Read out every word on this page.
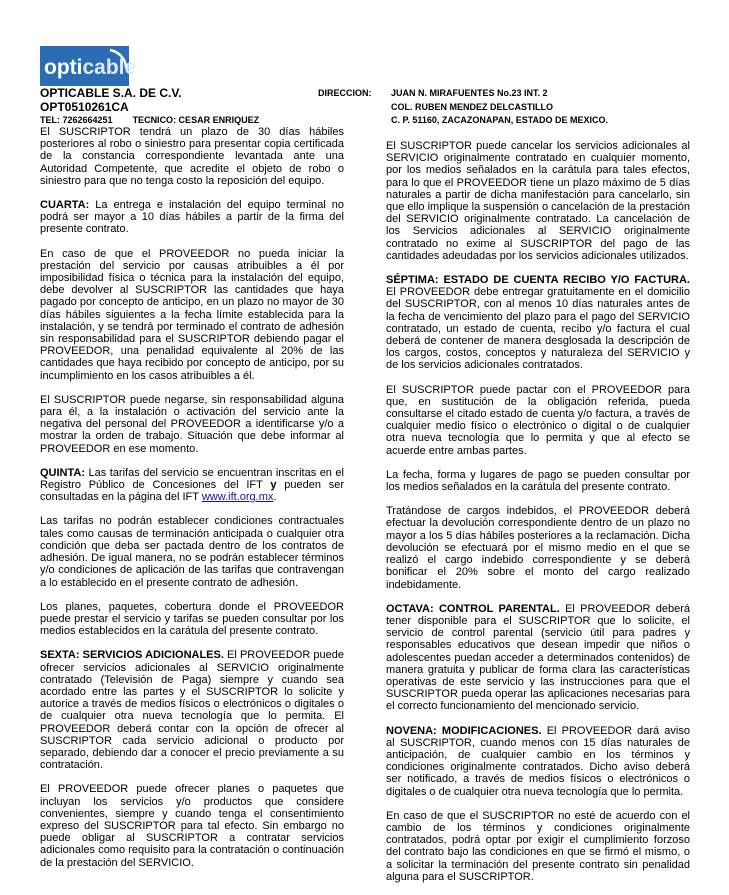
opticable
OPTICABLE S.A. DE C.V.
OPT0510261CA
TEL: 7262664251 TECNICO: CESAR ENRIQUEZ
DIRECCION: JUAN N. MIRAFUENTES No.23 INT. 2
COL. RUBEN MENDEZ DELCASTILLO
C. P. 51160, ZACAZONAPAN, ESTADO DE MEXICO.

El SUSCRIPTOR tendrá un plazo de 30 días hábiles posteriores al robo o siniestro para presentar copia certificada de la constancia correspondiente levantada ante una Autoridad Competente, que acredite el objeto de robo o siniestro para que no tenga costo la reposición del equipo.

CUARTA: La entrega e instalación del equipo terminal no podrá ser mayor a 10 días hábiles a partir de la firma del presente contrato.

En caso de que el PROVEEDOR no pueda iniciar la prestación del servicio por causas atribuibles a él por imposibilidad física o técnica para la instalación del equipo, debe devolver al SUSCRIPTOR las cantidades que haya pagado por concepto de anticipo, en un plazo no mayor de 30 días hábiles siguientes a la fecha límite establecida para la instalación, y se tendrá por terminado el contrato de adhesión sin responsabilidad para el SUSCRIPTOR debiendo pagar el PROVEEDOR, una penalidad equivalente al 20% de las cantidades que haya recibido por concepto de anticipo, por su incumplimiento en los casos atribuibles a él.

El SUSCRIPTOR puede negarse, sin responsabilidad alguna para él, a la instalación o activación del servicio ante la negativa del personal del PROVEEDOR a identificarse y/o a mostrar la orden de trabajo. Situación que debe informar al PROVEEDOR en ese momento.

QUINTA: Las tarifas del servicio se encuentran inscritas en el Registro Público de Concesiones del IFT y pueden ser consultadas en la página del IFT www.ift.org.mx.

Las tarifas no podrán establecer condiciones contractuales tales como causas de terminación anticipada o cualquier otra condición que deba ser pactada dentro de los contratos de adhesión. De igual manera, no se podrán establecer términos y/o condiciones de aplicación de las tarifas que contravengan a lo establecido en el presente contrato de adhesión.

Los planes, paquetes, cobertura donde el PROVEEDOR puede prestar el servicio y tarifas se pueden consultar por los medios establecidos en la carátula del presente contrato.

SEXTA: SERVICIOS ADICIONALES. El PROVEEDOR puede ofrecer servicios adicionales al SERVICIO originalmente contratado (Televisión de Paga) siempre y cuando sea acordado entre las partes y el SUSCRIPTOR lo solicite y autorice a través de medios físicos o electrónicos o digitales o de cualquier otra nueva tecnología que lo permita. El PROVEEDOR deberá contar con la opción de ofrecer al SUSCRIPTOR cada servicio adicional o producto por separado, debiendo dar a conocer el precio previamente a su contratación.

El PROVEEDOR puede ofrecer planes o paquetes que incluyan los servicios y/o productos que considere convenientes, siempre y cuando tenga el consentimiento expreso del SUSCRIPTOR para tal efecto. Sin embargo no puede obligar al SUSCRIPTOR a contratar servicios adicionales como requisito para la contratación o continuación de la prestación del SERVICIO.

El SUSCRIPTOR puede cancelar los servicios adicionales al SERVICIO originalmente contratado en cualquier momento, por los medios señalados en la carátula para tales efectos, para lo que el PROVEEDOR tiene un plazo máximo de 5 días naturales a partir de dicha manifestación para cancelarlo, sin que ello implique la suspensión o cancelación de la prestación del SERVICIO originalmente contratado. La cancelación de los Servicios adicionales al SERVICIO originalmente contratado no exime al SUSCRIPTOR del pago de las cantidades adeudadas por los servicios adicionales utilizados.

SÉPTIMA: ESTADO DE CUENTA RECIBO Y/O FACTURA. El PROVEEDOR debe entregar gratuitamente en el domicilio del SUSCRIPTOR, con al menos 10 días naturales antes de la fecha de vencimiento del plazo para el pago del SERVICIO contratado, un estado de cuenta, recibo y/o factura el cual deberá de contener de manera desglosada la descripción de los cargos, costos, conceptos y naturaleza del SERVICIO y de los servicios adicionales contratados.

El SUSCRIPTOR puede pactar con el PROVEEDOR para que, en sustitución de la obligación referida, pueda consultarse el citado estado de cuenta y/o factura, a través de cualquier medio físico o electrónico o digital o de cualquier otra nueva tecnología que lo permita y que al efecto se acuerde entre ambas partes.

La fecha, forma y lugares de pago se pueden consultar por los medios señalados en la carátula del presente contrato.

Tratándose de cargos indebidos, el PROVEEDOR deberá efectuar la devolución correspondiente dentro de un plazo no mayor a los 5 días hábiles posteriores a la reclamación. Dicha devolución se efectuará por el mismo medio en el que se realizó el cargo indebido correspondiente y se deberá bonificar el 20% sobre el monto del cargo realizado indebidamente.

OCTAVA: CONTROL PARENTAL. El PROVEEDOR deberá tener disponible para el SUSCRIPTOR que lo solicite, el servicio de control parental (servicio útil para padres y responsables educativos que desean impedir que niños o adolescentes puedan acceder a determinados contenidos) de manera gratuita y publicar de forma clara las características operativas de este servicio y las instrucciones para que el SUSCRIPTOR pueda operar las aplicaciones necesarias para el correcto funcionamiento del mencionado servicio.

NOVENA: MODIFICACIONES. El PROVEEDOR dará aviso al SUSCRIPTOR, cuando menos con 15 días naturales de anticipación, de cualquier cambio en los términos y condiciones originalmente contratados. Dicho aviso deberá ser notificado, a través de medios físicos o electrónicos o digitales o de cualquier otra nueva tecnología que lo permita.

En caso de que el SUSCRIPTOR no esté de acuerdo con el cambio de los términos y condiciones originalmente contratados, podrá optar por exigir el cumplimiento forzoso del contrato bajo las condiciones en que se firmó el mismo, o a solicitar la terminación del presente contrato sin penalidad alguna para el SUSCRIPTOR.
